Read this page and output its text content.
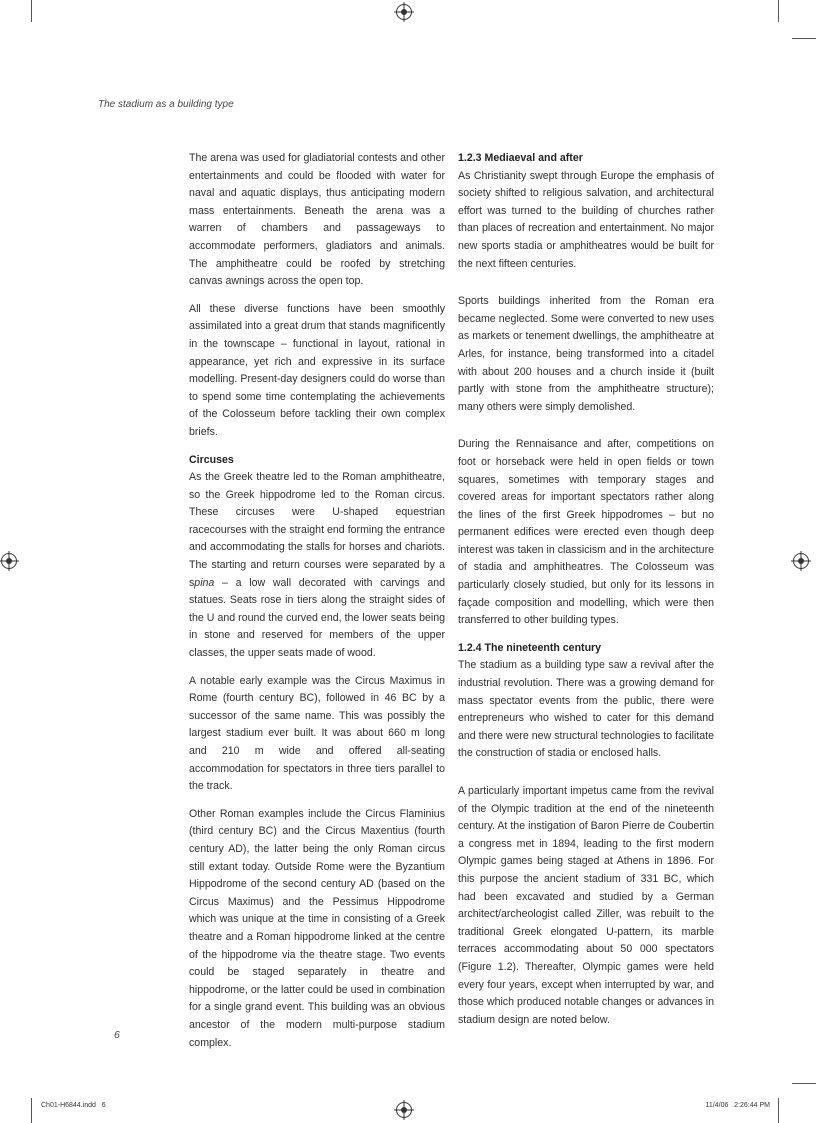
The stadium as a building type

The arena was used for gladiatorial contests and other entertainments and could be flooded with water for naval and aquatic displays, thus anticipating modern mass entertainments. Beneath the arena was a warren of chambers and passageways to accommodate performers, gladiators and animals. The amphitheatre could be roofed by stretching canvas awnings across the open top.

All these diverse functions have been smoothly assimilated into a great drum that stands magnificently in the townscape – functional in layout, rational in appearance, yet rich and expressive in its surface modelling. Present-day designers could do worse than to spend some time contemplating the achievements of the Colosseum before tackling their own complex briefs.

Circuses

As the Greek theatre led to the Roman amphitheatre, so the Greek hippodrome led to the Roman circus. These circuses were U-shaped equestrian racecourses with the straight end forming the entrance and accommodating the stalls for horses and chariots. The starting and return courses were separated by a spina – a low wall decorated with carvings and statues. Seats rose in tiers along the straight sides of the U and round the curved end, the lower seats being in stone and reserved for members of the upper classes, the upper seats made of wood.

A notable early example was the Circus Maximus in Rome (fourth century BC), followed in 46 BC by a successor of the same name. This was possibly the largest stadium ever built. It was about 660 m long and 210 m wide and offered all-seating accommodation for spectators in three tiers parallel to the track.

Other Roman examples include the Circus Flaminius (third century BC) and the Circus Maxentius (fourth century AD), the latter being the only Roman circus still extant today. Outside Rome were the Byzantium Hippodrome of the second century AD (based on the Circus Maximus) and the Pessimus Hippodrome which was unique at the time in consisting of a Greek theatre and a Roman hippodrome linked at the centre of the hippodrome via the theatre stage. Two events could be staged separately in theatre and hippodrome, or the latter could be used in combination for a single grand event. This building was an obvious ancestor of the modern multi-purpose stadium complex.

1.2.3 Mediaeval and after

As Christianity swept through Europe the emphasis of society shifted to religious salvation, and architectural effort was turned to the building of churches rather than places of recreation and entertainment. No major new sports stadia or amphitheatres would be built for the next fifteen centuries.

Sports buildings inherited from the Roman era became neglected. Some were converted to new uses as markets or tenement dwellings, the amphitheatre at Arles, for instance, being transformed into a citadel with about 200 houses and a church inside it (built partly with stone from the amphitheatre structure); many others were simply demolished.

During the Rennaisance and after, competitions on foot or horseback were held in open fields or town squares, sometimes with temporary stages and covered areas for important spectators rather along the lines of the first Greek hippodromes – but no permanent edifices were erected even though deep interest was taken in classicism and in the architecture of stadia and amphitheatres. The Colosseum was particularly closely studied, but only for its lessons in façade composition and modelling, which were then transferred to other building types.

1.2.4 The nineteenth century

The stadium as a building type saw a revival after the industrial revolution. There was a growing demand for mass spectator events from the public, there were entrepreneurs who wished to cater for this demand and there were new structural technologies to facilitate the construction of stadia or enclosed halls.

A particularly important impetus came from the revival of the Olympic tradition at the end of the nineteenth century. At the instigation of Baron Pierre de Coubertin a congress met in 1894, leading to the first modern Olympic games being staged at Athens in 1896. For this purpose the ancient stadium of 331 BC, which had been excavated and studied by a German architect/archeologist called Ziller, was rebuilt to the traditional Greek elongated U-pattern, its marble terraces accommodating about 50 000 spectators (Figure 1.2). Thereafter, Olympic games were held every four years, except when interrupted by war, and those which produced notable changes or advances in stadium design are noted below.

6
Ch01-H6844.indd   6	11/4/06   2:26:44 PM
